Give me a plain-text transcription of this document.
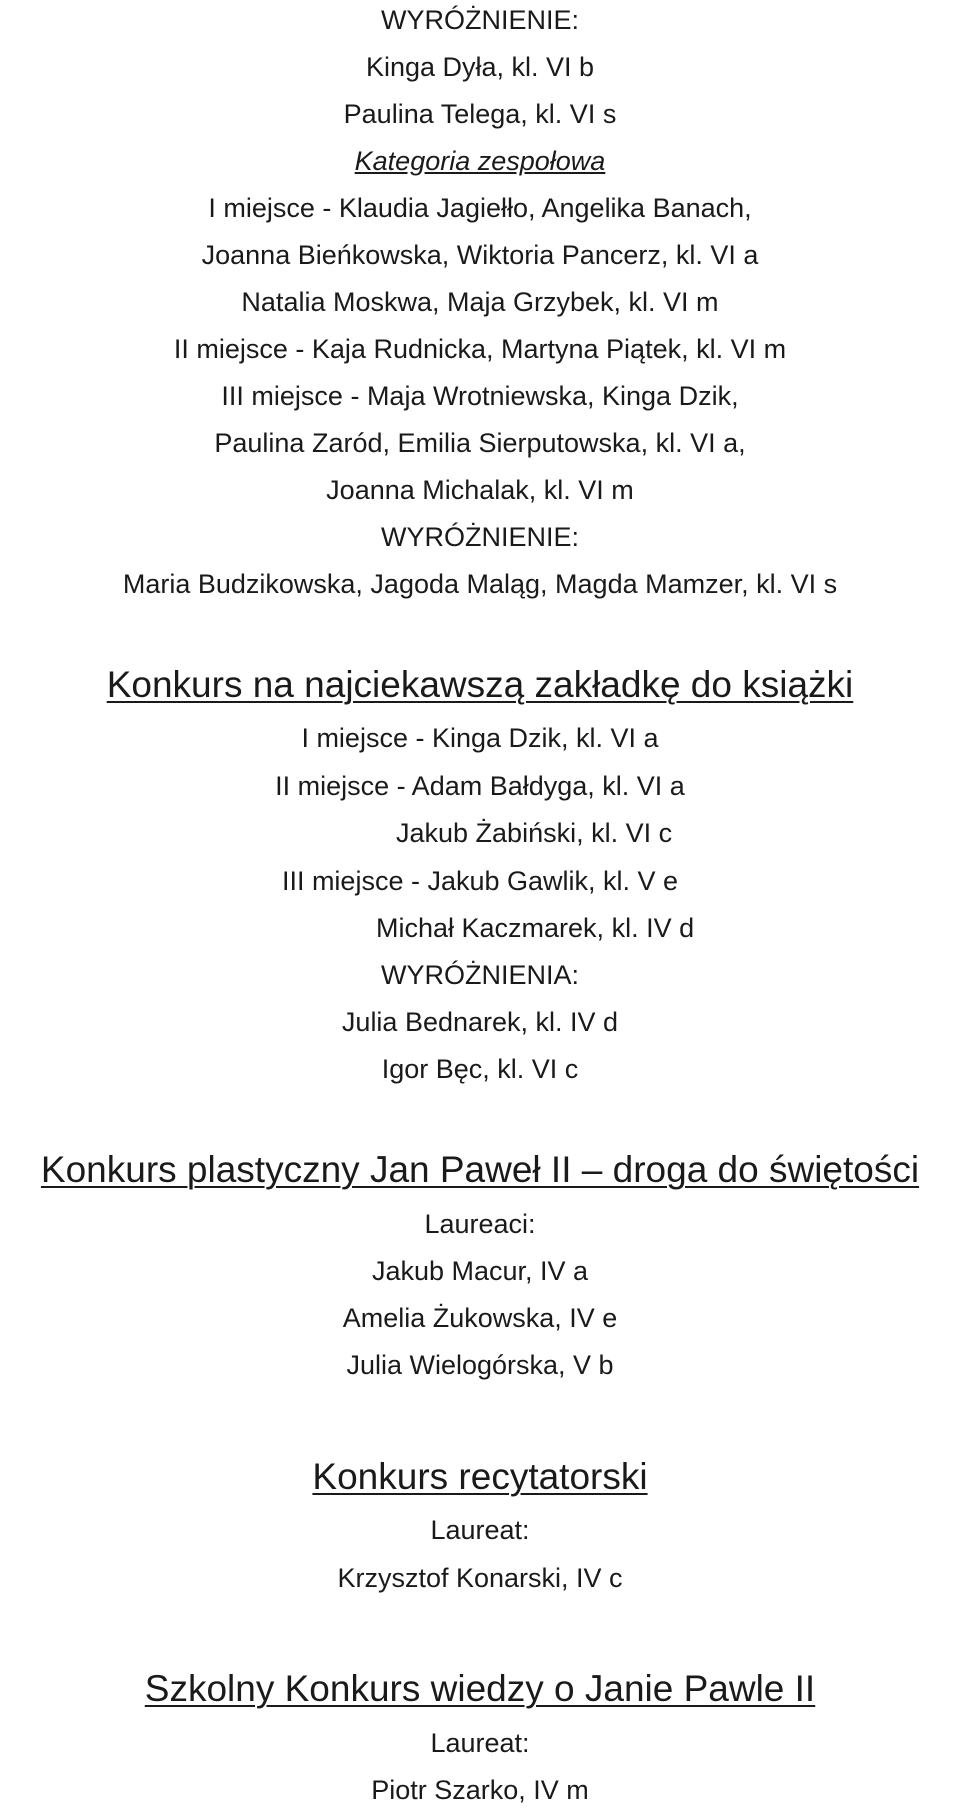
WYRÓŻNIENIE:
Kinga Dyła, kl. VI b
Paulina Telega, kl. VI s
Kategoria zespołowa
I miejsce - Klaudia Jagiełło, Angelika Banach,
Joanna Bieńkowska, Wiktoria Pancerz, kl. VI a
Natalia Moskwa, Maja Grzybek, kl. VI m
II miejsce - Kaja Rudnicka, Martyna Piątek, kl. VI m
III miejsce - Maja Wrotniewska, Kinga Dzik,
Paulina Zaród, Emilia Sierputowska, kl. VI a,
Joanna Michalak, kl. VI m
WYRÓŻNIENIE:
Maria Budzikowska, Jagoda Maląg, Magda Mamzer, kl. VI s
Konkurs na najciekawszą zakładkę do książki
I miejsce - Kinga Dzik, kl. VI a
II miejsce - Adam Bałdyga, kl. VI a
Jakub Żabiński, kl. VI c
III miejsce - Jakub Gawlik, kl. V e
Michał Kaczmarek, kl. IV d
WYRÓŻNIENIA:
Julia Bednarek, kl. IV d
Igor Bęc, kl. VI c
Konkurs plastyczny Jan Paweł II – droga do świętości
Laureaci:
Jakub Macur, IV a
Amelia Żukowska, IV e
Julia Wielogórska, V b
Konkurs recytatorski
Laureat:
Krzysztof Konarski, IV c
Szkolny Konkurs wiedzy o Janie Pawle II
Laureat:
Piotr Szarko, IV m
